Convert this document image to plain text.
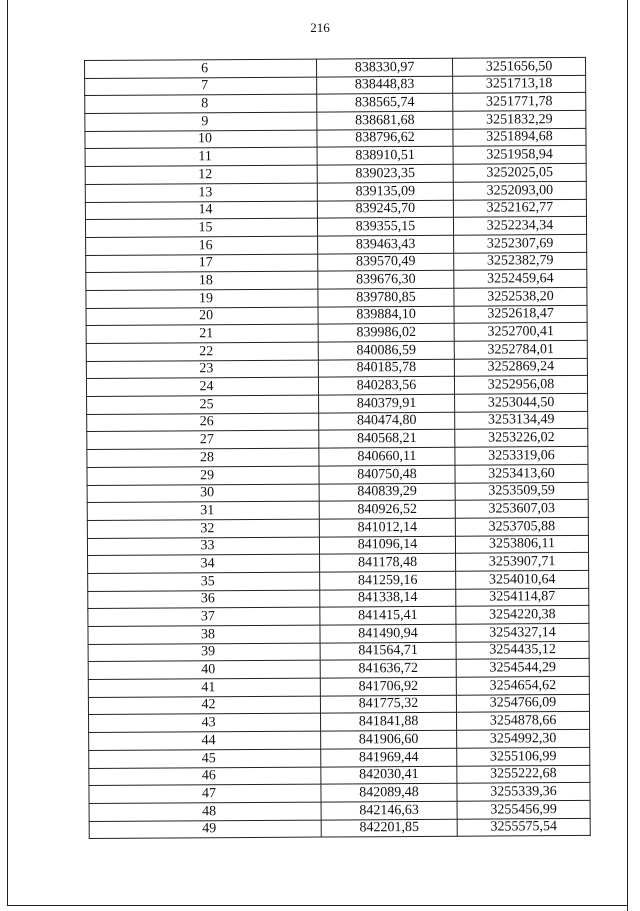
216
6	838330,97	3251656,50
7	838448,83	3251713,18
8	838565,74	3251771,78
9	838681,68	3251832,29
10	838796,62	3251894,68
11	838910,51	3251958,94
12	839023,35	3252025,05
13	839135,09	3252093,00
14	839245,70	3252162,77
15	839355,15	3252234,34
16	839463,43	3252307,69
17	839570,49	3252382,79
18	839676,30	3252459,64
19	839780,85	3252538,20
20	839884,10	3252618,47
21	839986,02	3252700,41
22	840086,59	3252784,01
23	840185,78	3252869,24
24	840283,56	3252956,08
25	840379,91	3253044,50
26	840474,80	3253134,49
27	840568,21	3253226,02
28	840660,11	3253319,06
29	840750,48	3253413,60
30	840839,29	3253509,59
31	840926,52	3253607,03
32	841012,14	3253705,88
33	841096,14	3253806,11
34	841178,48	3253907,71
35	841259,16	3254010,64
36	841338,14	3254114,87
37	841415,41	3254220,38
38	841490,94	3254327,14
39	841564,71	3254435,12
40	841636,72	3254544,29
41	841706,92	3254654,62
42	841775,32	3254766,09
43	841841,88	3254878,66
44	841906,60	3254992,30
45	841969,44	3255106,99
46	842030,41	3255222,68
47	842089,48	3255339,36
48	842146,63	3255456,99
49	842201,85	3255575,54
